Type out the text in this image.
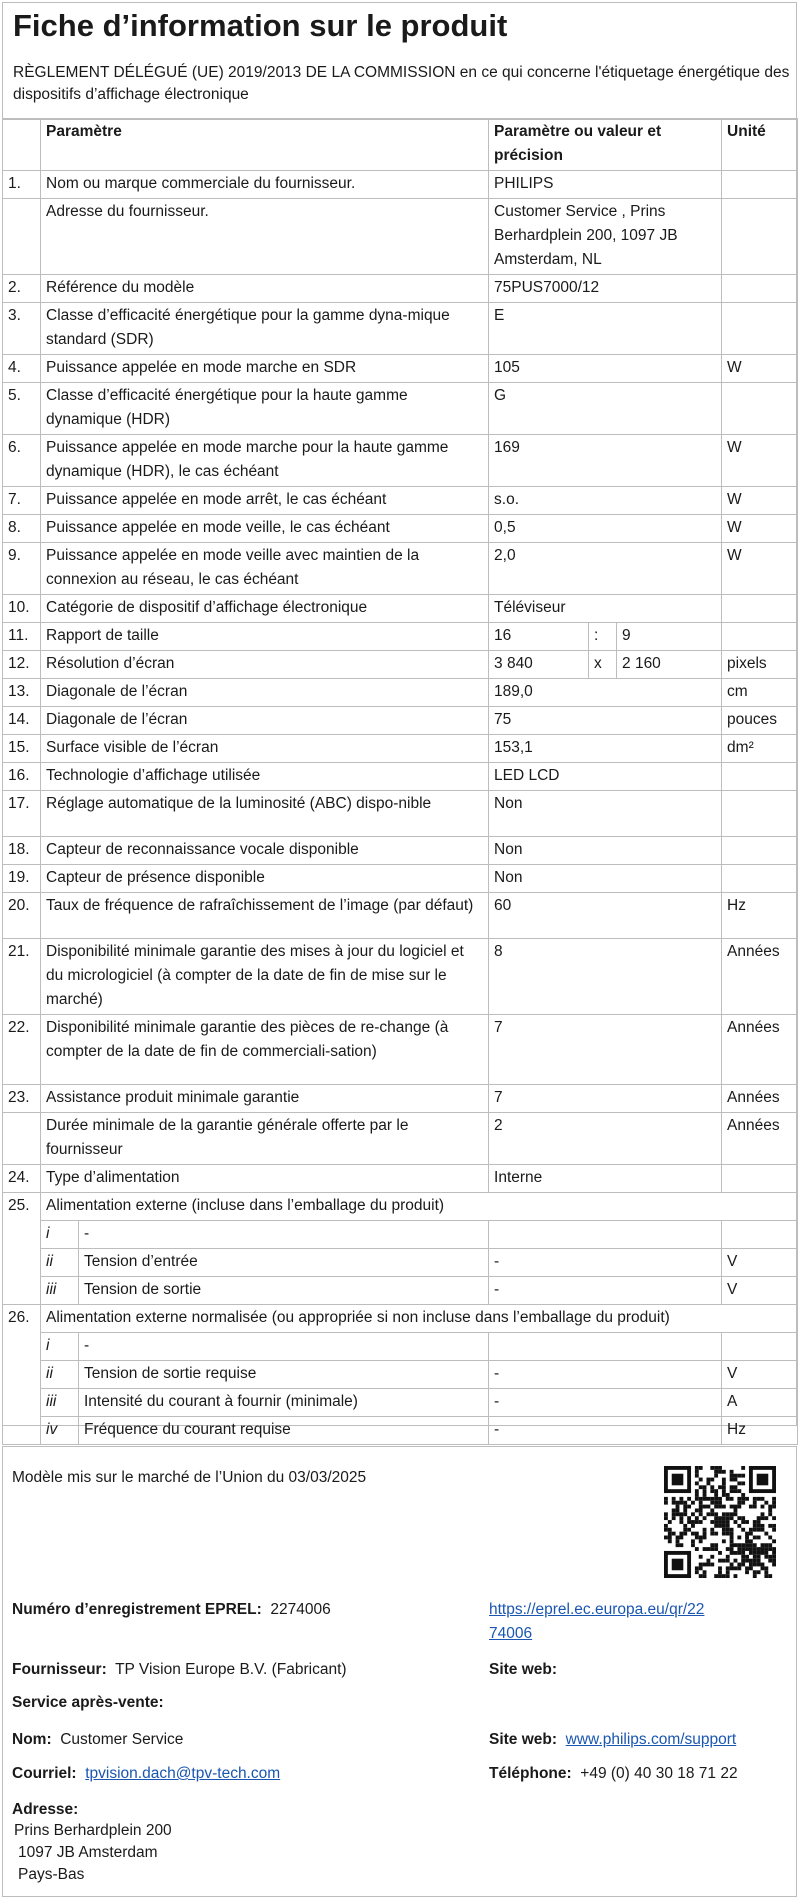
Fiche d’information sur le produit
RÈGLEMENT DÉLÉGUÉ (UE) 2019/2013 DE LA COMMISSION en ce qui concerne l'étiquetage énergétique des dispositifs d’affichage électronique
	Paramètre		Paramètre ou valeur et précision			Unité
1.	Nom ou marque commerciale du fournisseur.		PHILIPS			
	Adresse du fournisseur.		Customer Service , Prins Berhardplein 200, 1097 JB Amsterdam, NL			
2.	Référence du modèle		75PUS7000/12			
3.	Classe d’efficacité énergétique pour la gamme dyna-mique standard (SDR)		E			
4.	Puissance appelée en mode marche en SDR		105			W
5.	Classe d’efficacité énergétique pour la haute gamme dynamique (HDR)		G			
6.	Puissance appelée en mode marche pour la haute gamme dynamique (HDR), le cas échéant		169			W
7.	Puissance appelée en mode arrêt, le cas échéant		s.o.			W
8.	Puissance appelée en mode veille, le cas échéant		0,5			W
9.	Puissance appelée en mode veille avec maintien de la connexion au réseau, le cas échéant		2,0			W
10.	Catégorie de dispositif d’affichage électronique		Téléviseur			
11.	Rapport de taille		16	:	9	
12.	Résolution d’écran		3 840	x	2 160	pixels
13.	Diagonale de l’écran		189,0			cm
14.	Diagonale de l’écran		75			pouces
15.	Surface visible de l’écran		153,1			dm²
16.	Technologie d’affichage utilisée		LED LCD			
17.	Réglage automatique de la luminosité (ABC) dispo-nible		Non			
18.	Capteur de reconnaissance vocale disponible		Non			
19.	Capteur de présence disponible		Non			
20.	Taux de fréquence de rafraîchissement de l’image (par défaut)		60			Hz
21.	Disponibilité minimale garantie des mises à jour du logiciel et du micrologiciel (à compter de la date de fin de mise sur le marché)		8			Années
22.	Disponibilité minimale garantie des pièces de re-change (à compter de la date de fin de commerciali-sation)		7			Années
23.	Assistance produit minimale garantie		7			Années
	Durée minimale de la garantie générale offerte par le fournisseur		2			Années
24.	Type d’alimentation		Interne			
25.	Alimentation externe (incluse dans l’emballage du produit)					
	i	-				
	ii	Tension d’entrée	-			V
	iii	Tension de sortie	-			V
26.	Alimentation externe normalisée (ou appropriée si non incluse dans l’emballage du produit)					
	i	-				
	ii	Tension de sortie requise	-			V
	iii	Intensité du courant à fournir (minimale)	-			A
	iv	Fréquence du courant requise	-			Hz
Modèle mis sur le marché de l’Union du 03/03/2025
Numéro d’enregistrement EPREL: 2274006	https://eprel.ec.europa.eu/qr/22
74006
Fournisseur: TP Vision Europe B.V. (Fabricant)	Site web:
Service après-vente:
Nom: Customer Service	Site web: www.philips.com/support
Courriel: tpvision.dach@tpv-tech.com	Téléphone: +49 (0) 40 30 18 71 22
Adresse:
Prins Berhardplein 200
1097 JB Amsterdam
Pays-Bas
